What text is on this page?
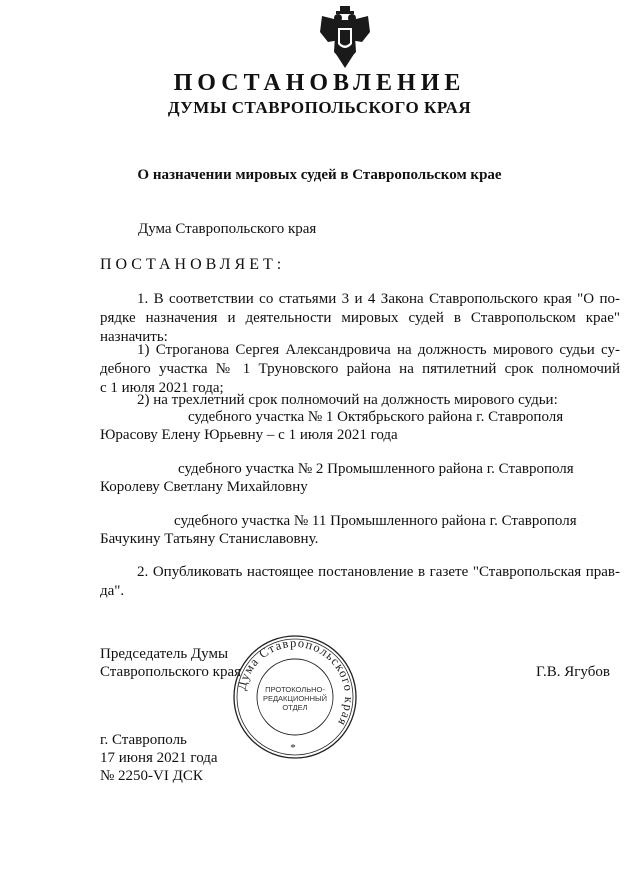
ПОСТАНОВЛЕНИЕ
ДУМЫ СТАВРОПОЛЬСКОГО КРАЯ
О назначении мировых судей в Ставропольском крае
Дума Ставропольского края
ПОСТАНОВЛЯЕТ:
1. В соответствии со статьями 3 и 4 Закона Ставропольского края "О по-
рядке назначения и деятельности мировых судей в Ставропольском крае"
назначить:
1) Строганова Сергея Александровича на должность мирового судьи су-
дебного участка № 1 Труновского района на пятилетний срок полномочий
с 1 июля 2021 года;
2) на трехлетний срок полномочий на должность мирового судьи:
судебного участка № 1 Октябрьского района г. Ставрополя
Юрасову Елену Юрьевну – с 1 июля 2021 года
судебного участка № 2 Промышленного района г. Ставрополя
Королеву Светлану Михайловну
судебного участка № 11 Промышленного района г. Ставрополя
Бачукину Татьяну Станиславовну.
2. Опубликовать настоящее постановление в газете "Ставропольская прав-
да".
Председатель Думы
Ставропольского края	Г.В. Ягубов
Дума Ставропольского края
ПРОТОКОЛЬНО-
РЕДАКЦИОННЫЙ
ОТДЕЛ
*
г. Ставрополь
17 июня 2021 года
№ 2250-VI ДСК
